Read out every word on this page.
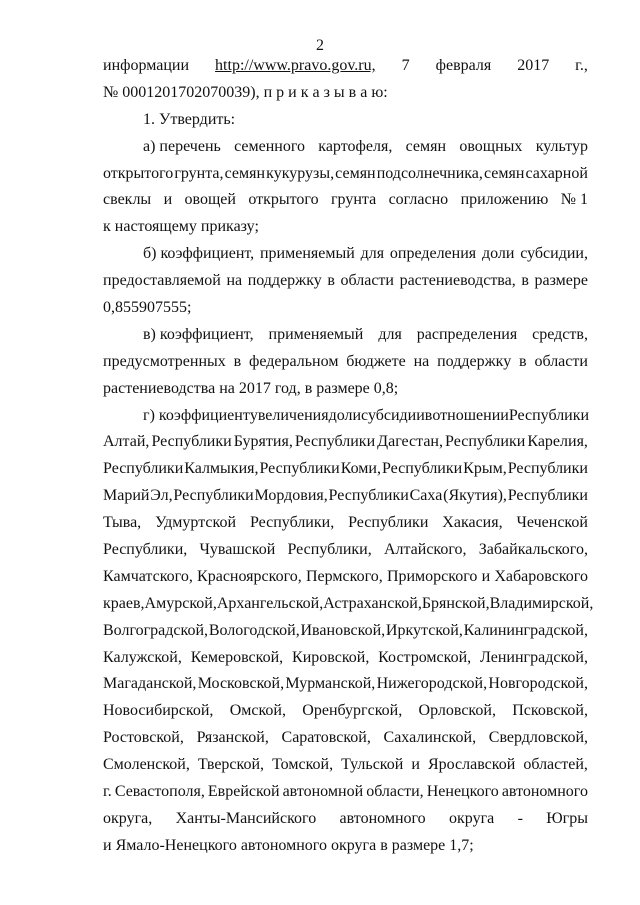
2
информации http://www.pravo.gov.ru, 7 февраля 2017 г.,
№ 0001201702070039), п р и к а з ы в а ю:
1. Утвердить:
а) перечень семенного картофеля, семян овощных культур
открытого грунта, семян кукурузы, семян подсолнечника, семян сахарной
свеклы и овощей открытого грунта согласно приложению № 1
к настоящему приказу;
б) коэффициент, применяемый для определения доли субсидии,
предоставляемой на поддержку в области растениеводства, в размере
0,855907555;
в) коэффициент, применяемый для распределения средств,
предусмотренных в федеральном бюджете на поддержку в области
растениеводства на 2017 год, в размере 0,8;
г) коэффициент увеличения доли субсидии в отношении Республики
Алтай, Республики Бурятия, Республики Дагестан, Республики Карелия,
Республики Калмыкия, Республики Коми, Республики Крым, Республики
Марий Эл, Республики Мордовия, Республики Саха (Якутия), Республики
Тыва, Удмуртской Республики, Республики Хакасия, Чеченской
Республики, Чувашской Республики, Алтайского, Забайкальского,
Камчатского, Красноярского, Пермского, Приморского и Хабаровского
краев, Амурской, Архангельской, Астраханской, Брянской, Владимирской,
Волгоградской, Вологодской, Ивановской, Иркутской, Калининградской,
Калужской, Кемеровской, Кировской, Костромской, Ленинградской,
Магаданской, Московской, Мурманской, Нижегородской, Новгородской,
Новосибирской, Омской, Оренбургской, Орловской, Псковской,
Ростовской, Рязанской, Саратовской, Сахалинской, Свердловской,
Смоленской, Тверской, Томской, Тульской и Ярославской областей,
г. Севастополя, Еврейской автономной области, Ненецкого автономного
округа, Ханты-Мансийского автономного округа - Югры
и Ямало-Ненецкого автономного округа в размере 1,7;
